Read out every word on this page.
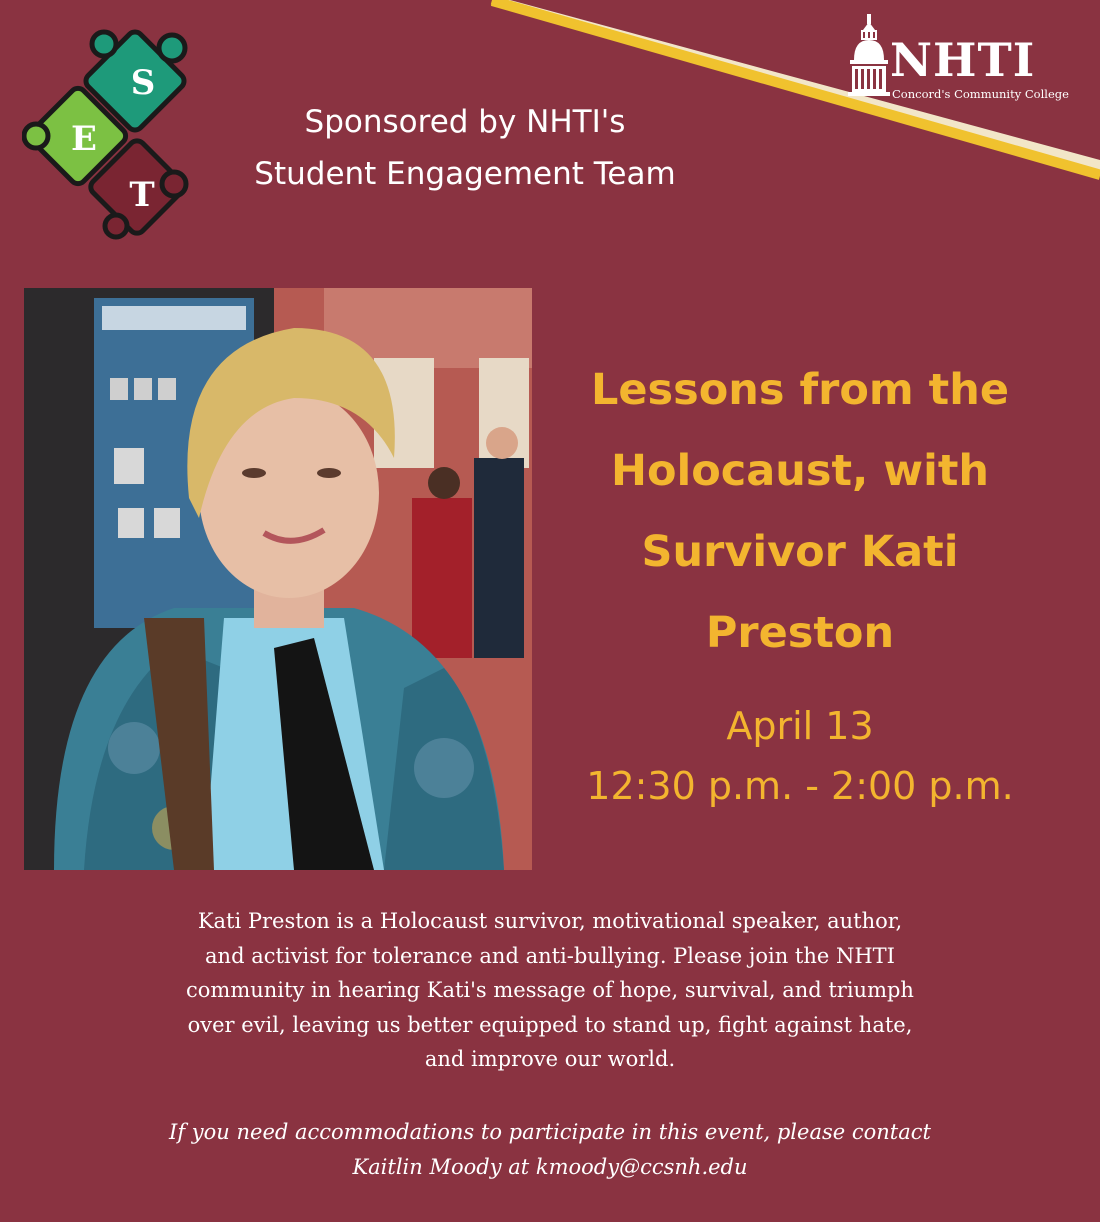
S
E
T
Sponsored by NHTI's
Student Engagement Team
NHTI
Concord's Community College
Lessons from the
Holocaust, with
Survivor Kati
Preston
April 13
12:30 p.m. - 2:00 p.m.
Kati Preston is a Holocaust survivor, motivational speaker, author,
and activist for tolerance and anti-bullying. Please join the NHTI
community in hearing Kati's message of hope, survival, and triumph
over evil, leaving us better equipped to stand up, fight against hate,
and improve our world.
If you need accommodations to participate in this event, please contact
Kaitlin Moody at kmoody@ccsnh.edu
